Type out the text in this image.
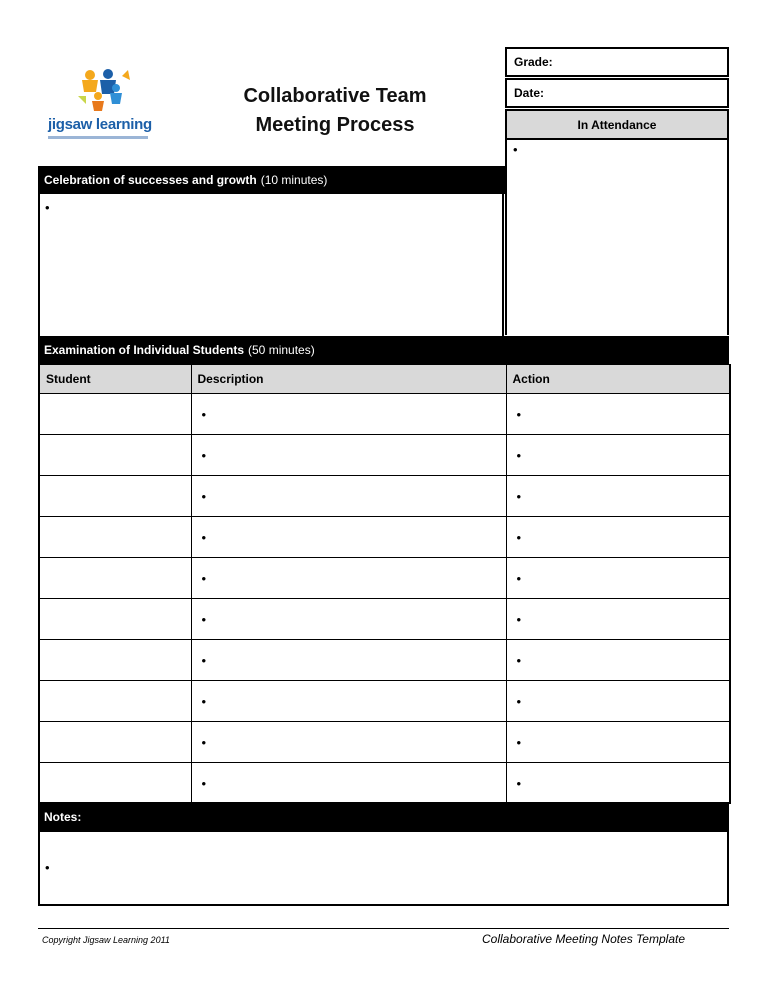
jigsaw learning
Collaborative Team
Meeting Process
Grade:
Date:
In Attendance
•
Celebration of successes and growth (10 minutes)
•
Examination of Individual Students (50 minutes)
Student	Description	Action
	•	•
	•	•
	•	•
	•	•
	•	•
	•	•
	•	•
	•	•
	•	•
	•	•
Notes:
•
Copyright Jigsaw Learning 2011	Collaborative Meeting Notes Template
